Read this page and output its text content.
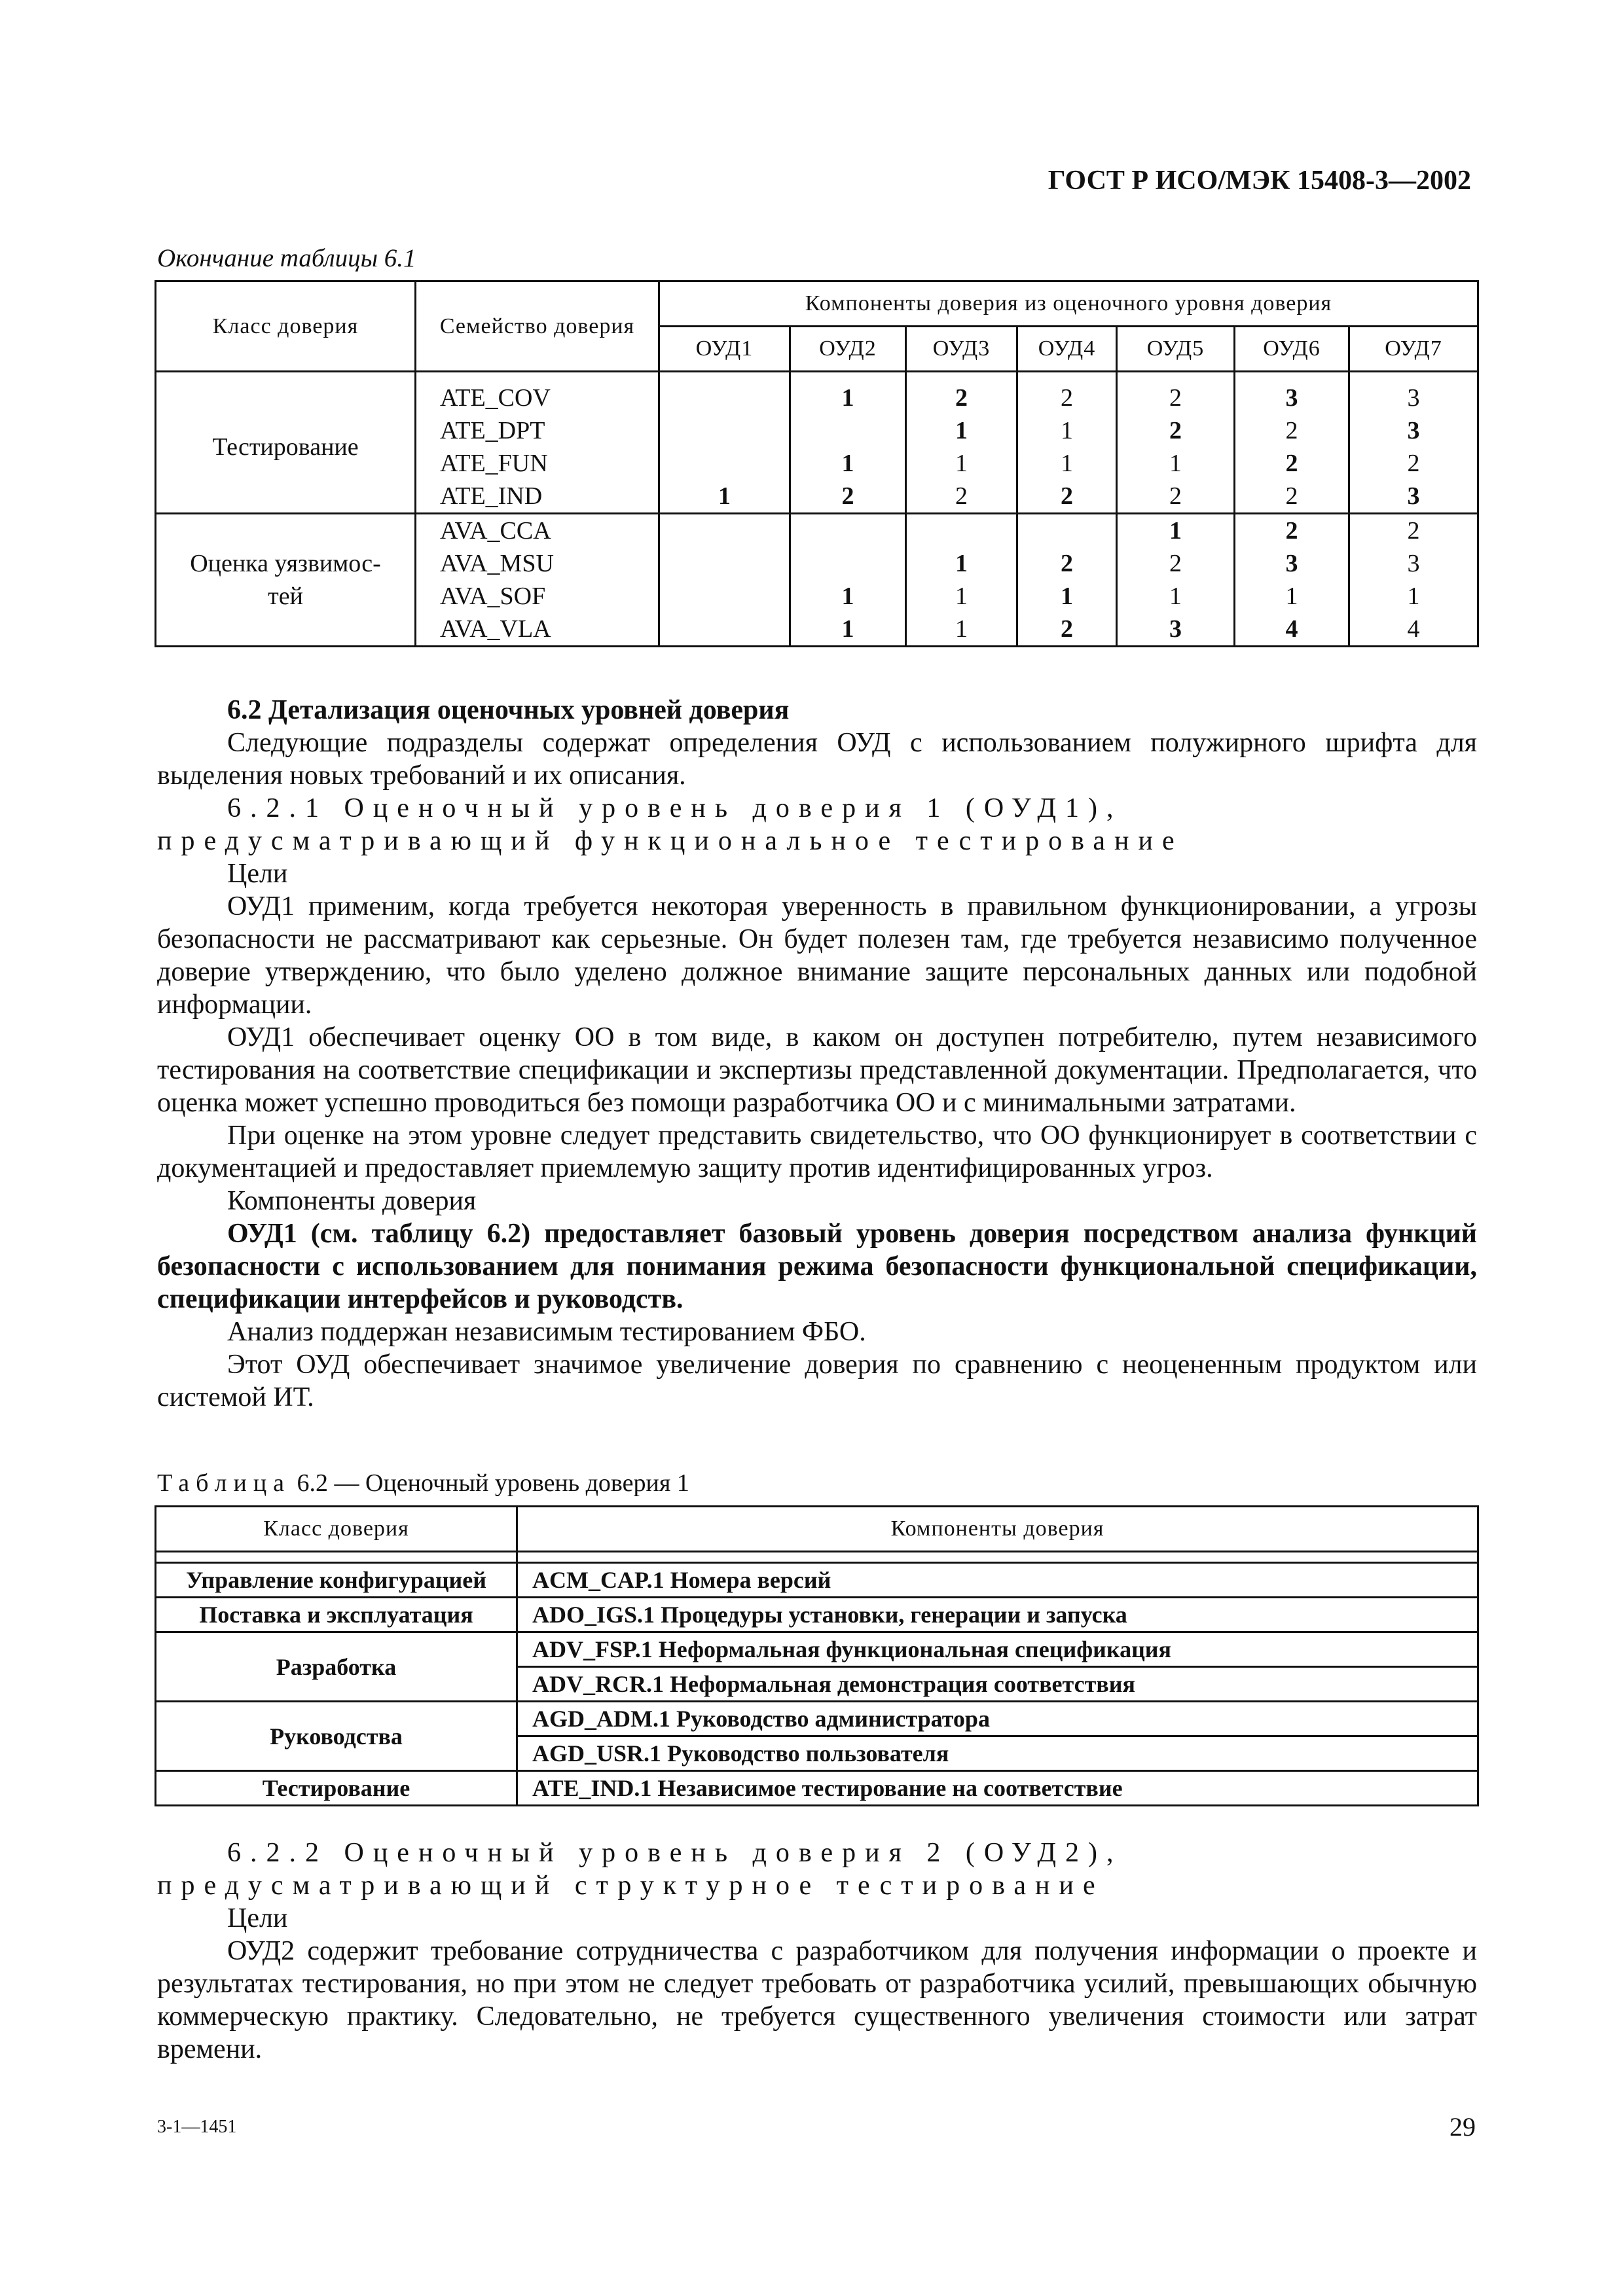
ГОСТ Р ИСО/МЭК 15408-3—2002
Окончание таблицы 6.1
Класс доверия	Семейство доверия	Компоненты доверия из оценочного уровня доверия						
		ОУД1	ОУД2	ОУД3	ОУД4	ОУД5	ОУД6	ОУД7

Тестирование	ATE_COV		1	2	2	2	3	3
	ATE_DPT			1	1	2	2	3
	ATE_FUN		1	1	1	1	2	2
	ATE_IND	1	2	2	2	2	2	3
Оценка уязвимос-
тей	AVA_CCA					1	2	2
	AVA_MSU			1	2	2	3	3
	AVA_SOF		1	1	1	1	1	1
	AVA_VLA		1	1	2	3	4	4

6.2 Детализация оценочных уровней доверия

Следующие подразделы содержат определения ОУД с использованием полужирного шрифта для выделения новых требований и их описания.

6.2.1 Оценочный уровень доверия 1 (ОУД1), предусматривающий функциональное тестирование

Цели

ОУД1 применим, когда требуется некоторая уверенность в правильном функционировании, а угрозы безопасности не рассматривают как серьезные. Он будет полезен там, где требуется независимо полученное доверие утверждению, что было уделено должное внимание защите персональных данных или подобной информации.

ОУД1 обеспечивает оценку ОО в том виде, в каком он доступен потребителю, путем независимого тестирования на соответствие спецификации и экспертизы представленной документации. Предполагается, что оценка может успешно проводиться без помощи разработчика ОО и с минимальными затратами.

При оценке на этом уровне следует представить свидетельство, что ОО функционирует в соответствии с документацией и предоставляет приемлемую защиту против идентифицированных угроз.

Компоненты доверия

ОУД1 (см. таблицу 6.2) предоставляет базовый уровень доверия посредством анализа функций безопасности с использованием для понимания режима безопасности функциональной спецификации, спецификации интерфейсов и руководств.

Анализ поддержан независимым тестированием ФБО.

Этот ОУД обеспечивает значимое увеличение доверия по сравнению с неоцененным продуктом или системой ИТ.

Таблица 6.2 — Оценочный уровень доверия 1
Класс доверия	Компоненты доверия

Управление конфигурацией	ACM_CAP.1 Номера версий
Поставка и эксплуатация	ADO_IGS.1 Процедуры установки, генерации и запуска
Разработка	ADV_FSP.1 Неформальная функциональная спецификация
	ADV_RCR.1 Неформальная демонстрация соответствия
Руководства	AGD_ADM.1 Руководство администратора
	AGD_USR.1 Руководство пользователя
Тестирование	ATE_IND.1 Независимое тестирование на соответствие

6.2.2 Оценочный уровень доверия 2 (ОУД2), предусматривающий структурное тестирование

Цели

ОУД2 содержит требование сотрудничества с разработчиком для получения информации о проекте и результатах тестирования, но при этом не следует требовать от разработчика усилий, превышающих обычную коммерческую практику. Следовательно, не требуется существенного увеличения стоимости или затрат времени.

3-1—1451	29
